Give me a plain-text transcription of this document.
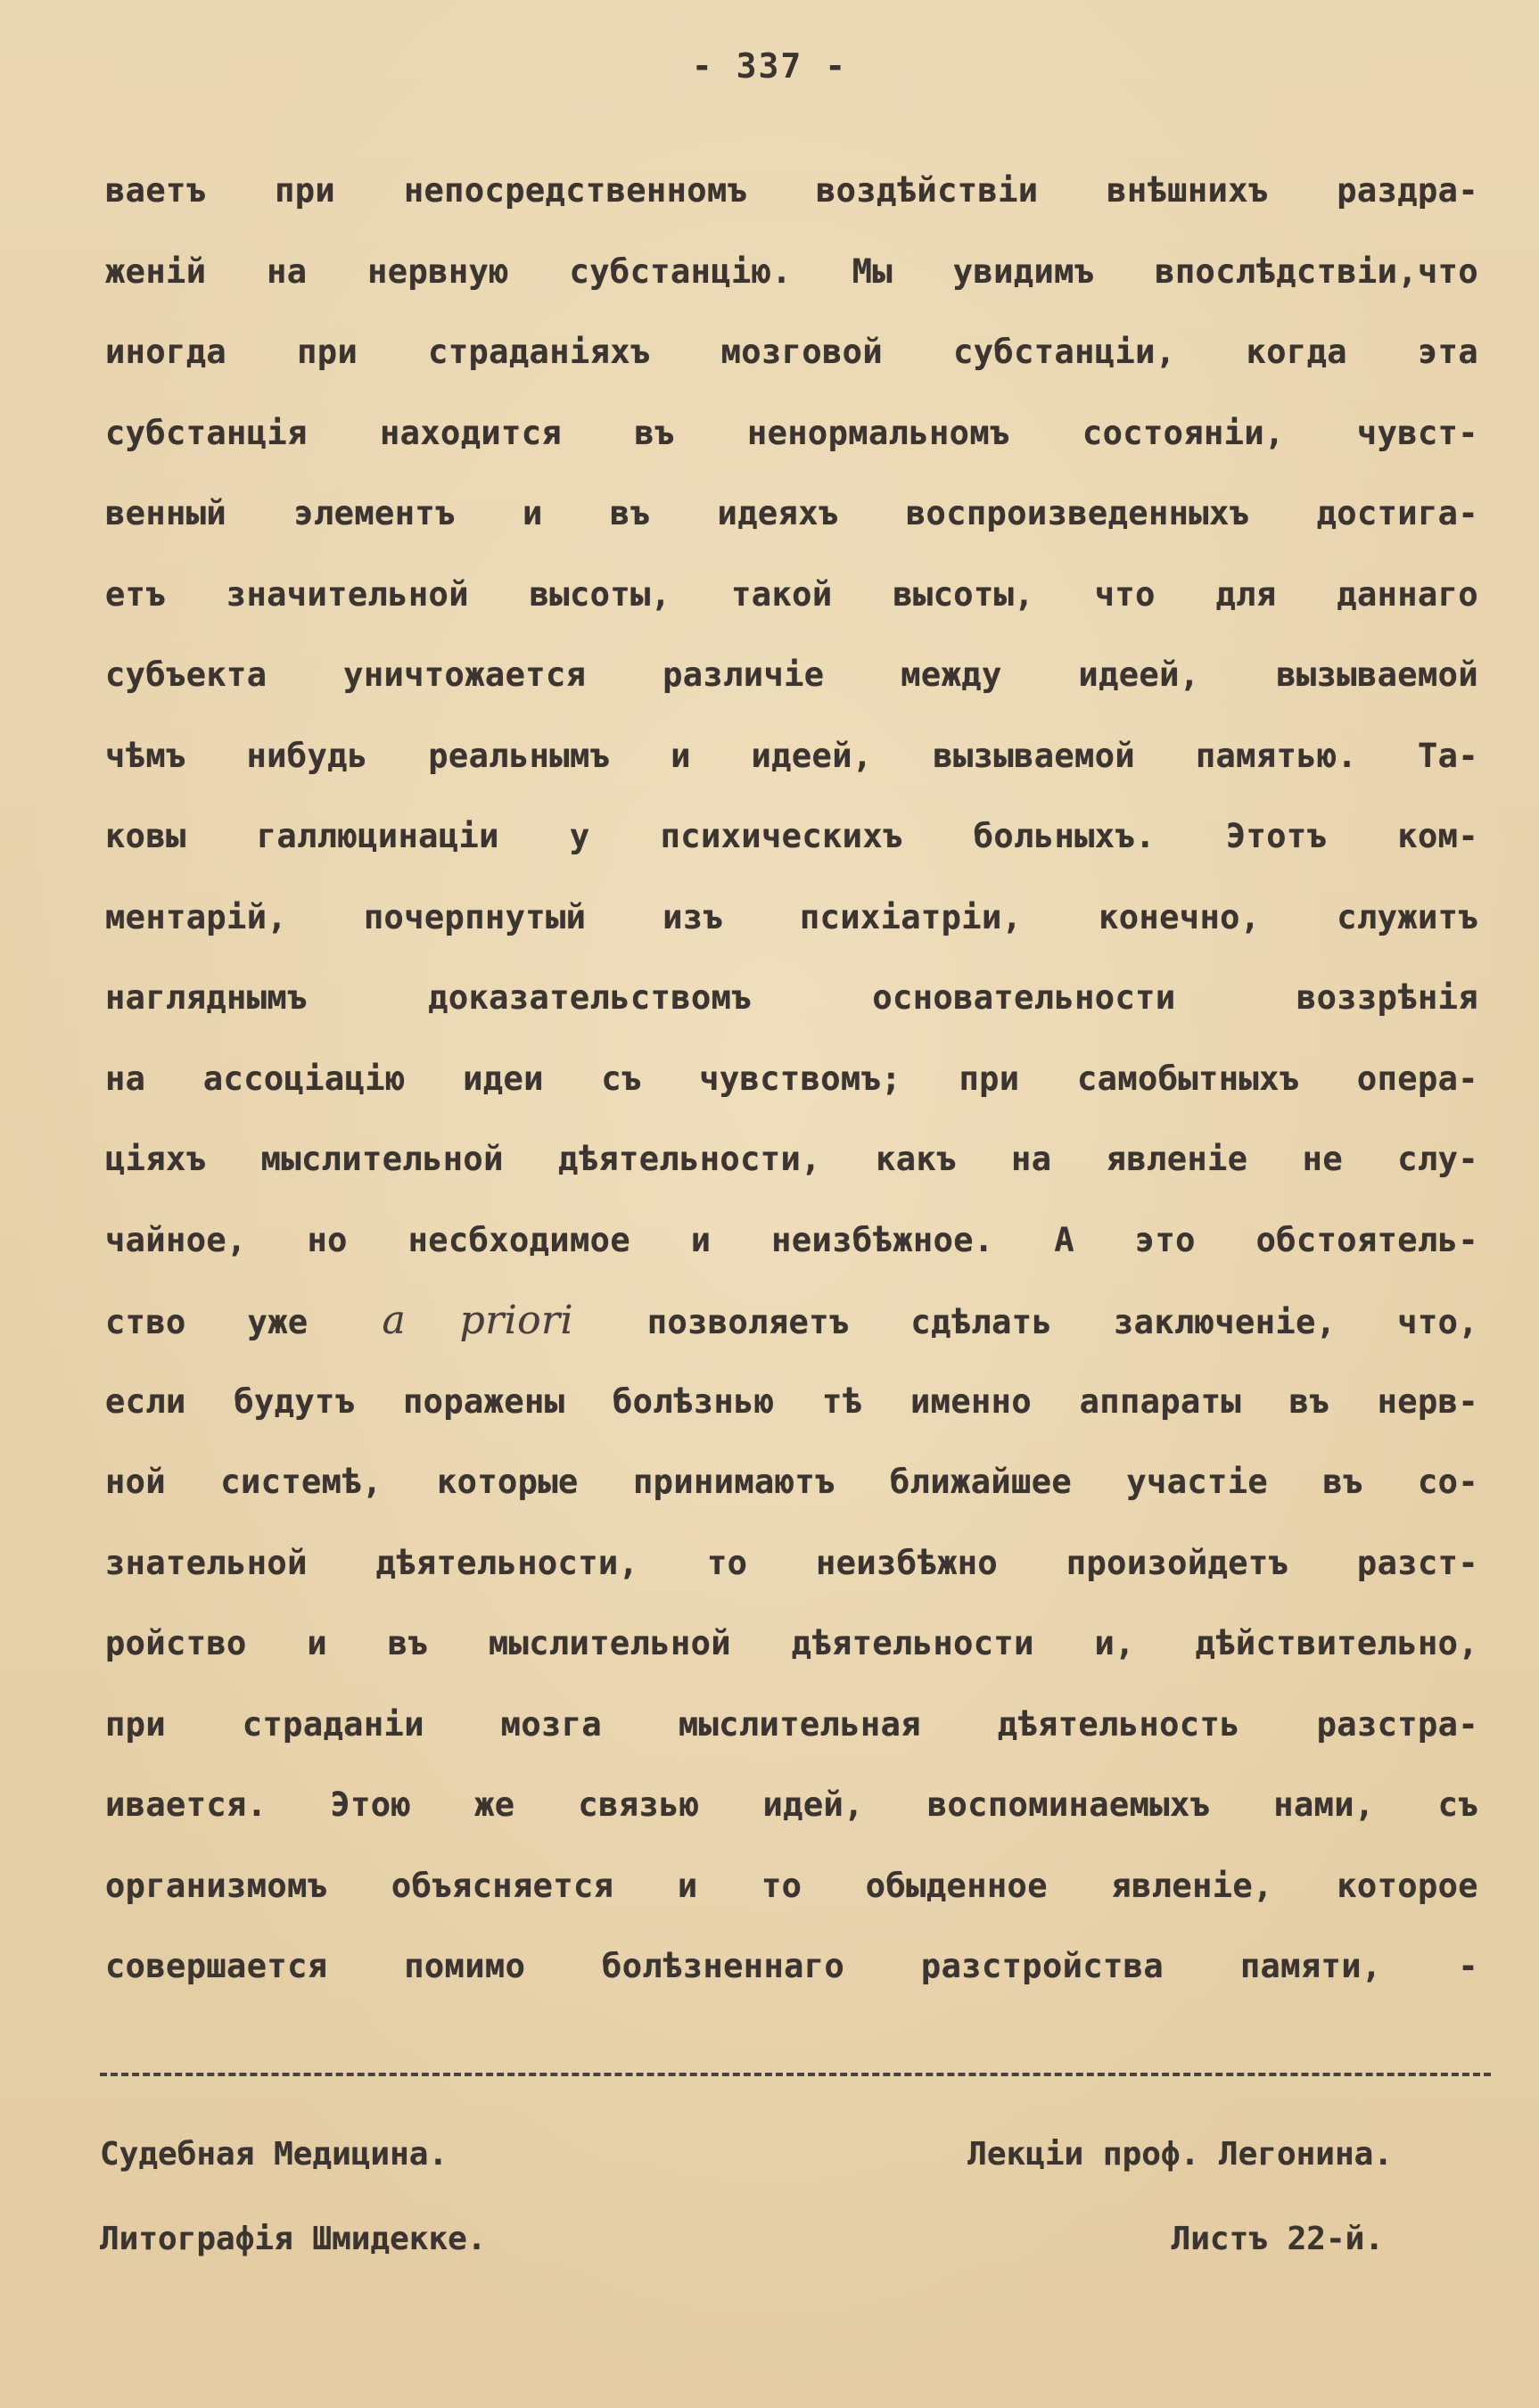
- 337 -
ваетъ при непосредственномъ воздѣйствіи внѣшнихъ раздра-
женій на нервную субстанцію. Мы увидимъ впослѣдствіи,что
иногда при страданіяхъ мозговой субстанціи, когда эта
субстанція находится въ ненормальномъ состояніи, чувст-
венный элементъ и въ идеяхъ воспроизведенныхъ достига-
етъ значительной высоты, такой высоты, что для даннаго
субъекта уничтожается различіе между идеей, вызываемой
чѣмъ нибудь реальнымъ и идеей, вызываемой памятью. Та-
ковы галлюцинаціи у психическихъ больныхъ. Этотъ ком-
ментарій, почерпнутый изъ психіатріи, конечно, служитъ
нагляднымъ доказательствомъ основательности воззрѣнія
на ассоціацію идеи съ чувствомъ; при самобытныхъ опера-
ціяхъ мыслительной дѣятельности, какъ на явленіе не слу-
чайное, но несбходимое и неизбѣжное. А это обстоятель-
ство уже a priori позволяетъ сдѣлать заключеніе, что,
если будутъ поражены болѣзнью тѣ именно аппараты въ нерв-
ной системѣ, которые принимаютъ ближайшее участіе въ со-
знательной дѣятельности, то неизбѣжно произойдетъ разст-
ройство и въ мыслительной дѣятельности и, дѣйствительно,
при страданіи мозга мыслительная дѣятельность разстра-
ивается. Этою же связью идей, воспоминаемыхъ нами, съ
организмомъ объясняется и то обыденное явленіе, которое
совершается помимо болѣзненнаго разстройства памяти, -
Судебная Медицина.	Лекціи проф. Легонина.
Литографія Шмидекке.	Листъ 22-й.
